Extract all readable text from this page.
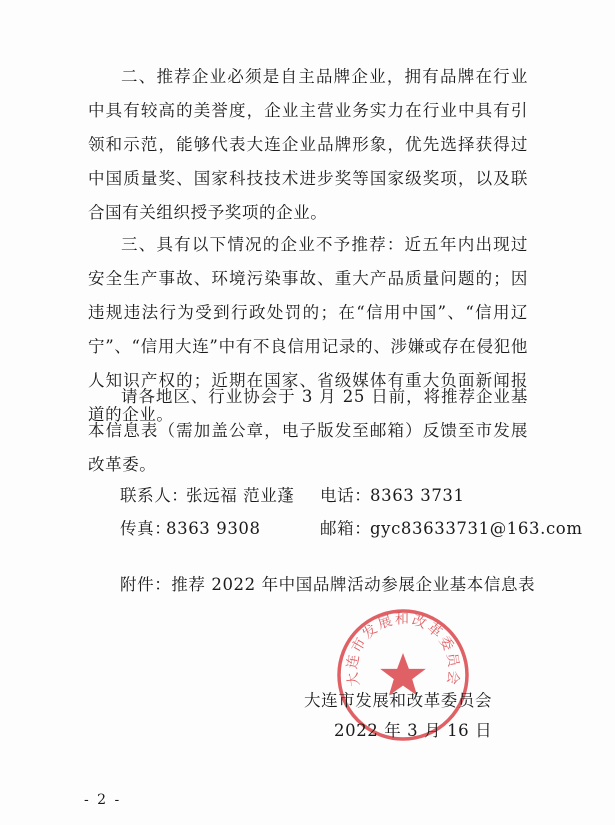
二、推荐企业必须是自主品牌企业，拥有品牌在行业中具有较高的美誉度，企业主营业务实力在行业中具有引领和示范，能够代表大连企业品牌形象，优先选择获得过中国质量奖、国家科技技术进步奖等国家级奖项，以及联合国有关组织授予奖项的企业。

三、具有以下情况的企业不予推荐：近五年内出现过安全生产事故、环境污染事故、重大产品质量问题的；因违规违法行为受到行政处罚的；在“信用中国”、“信用辽宁”、“信用大连”中有不良信用记录的、涉嫌或存在侵犯他人知识产权的；近期在国家、省级媒体有重大负面新闻报道的企业。

请各地区、行业协会于 3 月 25 日前，将推荐企业基本信息表（需加盖公章，电子版发至邮箱）反馈至市发展改革委。

联系人：
张远福 范业蓬 电话：
8363 3731
传真：
8363 9308	邮箱：
gyc83633731@163.com

附件：推荐 2022 年中国品牌活动参展企业基本信息表

大连市发展和改革委员会
大连市发展和改革委员会
2022 年 3 月 16 日
- 2 -
